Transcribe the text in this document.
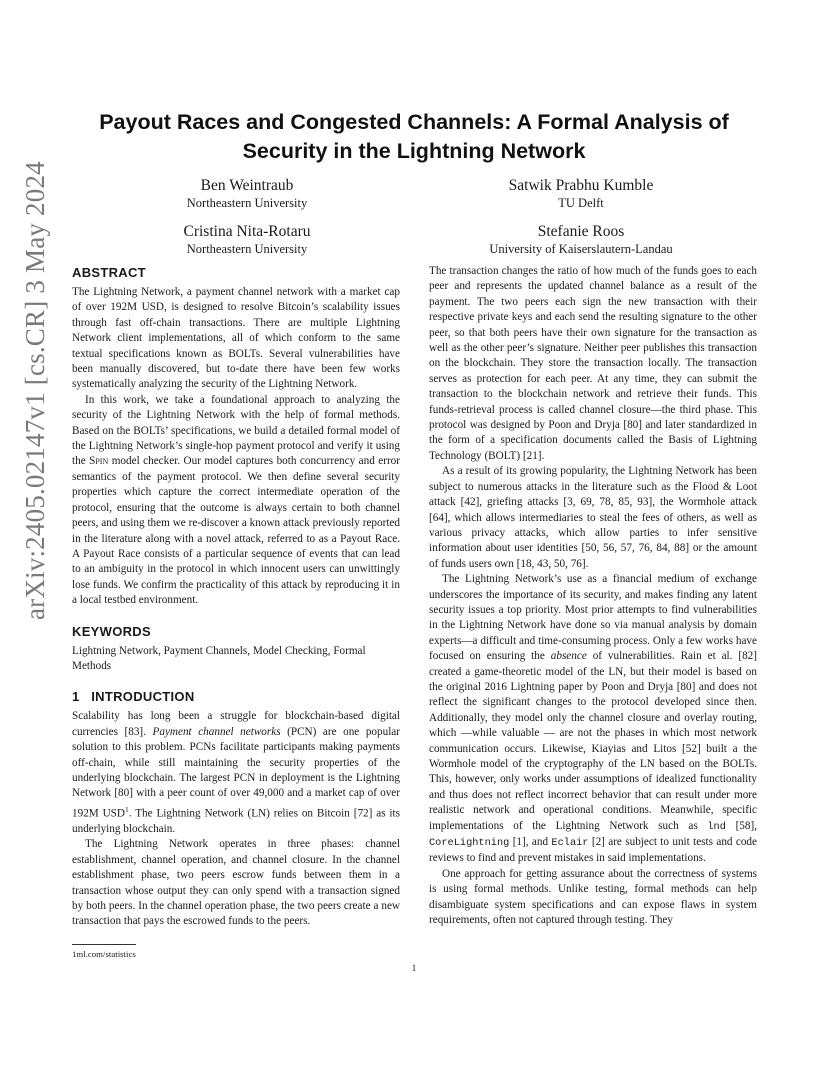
arXiv:2405.02147v1 [cs.CR] 3 May 2024
Payout Races and Congested Channels: A Formal Analysis of
Security in the Lightning Network
Ben Weintraub
Northeastern University
Satwik Prabhu Kumble
TU Delft
Cristina Nita-Rotaru
Northeastern University
Stefanie Roos
University of Kaiserslautern-Landau
ABSTRACT

The Lightning Network, a payment channel network with a market cap of over 192M USD, is designed to resolve Bitcoin’s scalability issues through fast off-chain transactions. There are multiple Lightning Network client implementations, all of which conform to the same textual specifications known as BOLTs. Several vulnerabilities have been manually discovered, but to-date there have been few works systematically analyzing the security of the Lightning Network.

In this work, we take a foundational approach to analyzing the security of the Lightning Network with the help of formal methods. Based on the BOLTs’ specifications, we build a detailed formal model of the Lightning Network’s single-hop payment protocol and verify it using the Spin model checker. Our model captures both concurrency and error semantics of the payment protocol. We then define several security properties which capture the correct intermediate operation of the protocol, ensuring that the outcome is always certain to both channel peers, and using them we re-discover a known attack previously reported in the literature along with a novel attack, referred to as a Payout Race. A Payout Race consists of a particular sequence of events that can lead to an ambiguity in the protocol in which innocent users can unwittingly lose funds. We confirm the practicality of this attack by reproducing it in a local testbed environment.

KEYWORDS

Lightning Network, Payment Channels, Model Checking, Formal Methods

1   INTRODUCTION

Scalability has long been a struggle for blockchain-based digital currencies [83]. Payment channel networks (PCN) are one popular solution to this problem. PCNs facilitate participants making payments off-chain, while still maintaining the security properties of the underlying blockchain. The largest PCN in deployment is the Lightning Network [80] with a peer count of over 49,000 and a market cap of over 192M USD$^1$. The Lightning Network (LN) relies on Bitcoin [72] as its underlying blockchain.

The Lightning Network operates in three phases: channel establishment, channel operation, and channel closure. In the channel establishment phase, two peers escrow funds between them in a transaction whose output they can only spend with a transaction signed by both peers. In the channel operation phase, the two peers create a new transaction that pays the escrowed funds to the peers.

The transaction changes the ratio of how much of the funds goes to each peer and represents the updated channel balance as a result of the payment. The two peers each sign the new transaction with their respective private keys and each send the resulting signature to the other peer, so that both peers have their own signature for the transaction as well as the other peer’s signature. Neither peer publishes this transaction on the blockchain. They store the transaction locally. The transaction serves as protection for each peer. At any time, they can submit the transaction to the blockchain network and retrieve their funds. This funds-retrieval process is called channel closure—the third phase. This protocol was designed by Poon and Dryja [80] and later standardized in the form of a specification documents called the Basis of Lightning Technology (BOLT) [21].

As a result of its growing popularity, the Lightning Network has been subject to numerous attacks in the literature such as the Flood & Loot attack [42], griefing attacks [3, 69, 78, 85, 93], the Wormhole attack [64], which allows intermediaries to steal the fees of others, as well as various privacy attacks, which allow parties to infer sensitive information about user identities [50, 56, 57, 76, 84, 88] or the amount of funds users own [18, 43, 50, 76].

The Lightning Network’s use as a financial medium of exchange underscores the importance of its security, and makes finding any latent security issues a top priority. Most prior attempts to find vulnerabilities in the Lightning Network have done so via manual analysis by domain experts—a difficult and time-consuming process. Only a few works have focused on ensuring the absence of vulnerabilities. Rain et al. [82] created a game-theoretic model of the LN, but their model is based on the original 2016 Lightning paper by Poon and Dryja [80] and does not reflect the significant changes to the protocol developed since then. Additionally, they model only the channel closure and overlay routing, which —while valuable — are not the phases in which most network communication occurs. Likewise, Kiayias and Litos [52] built a the Wormhole model of the cryptography of the LN based on the BOLTs. This, however, only works under assumptions of idealized functionality and thus does not reflect incorrect behavior that can result under more realistic network and operational conditions. Meanwhile, specific implementations of the Lightning Network such as lnd [58], CoreLightning [1], and Eclair [2] are subject to unit tests and code reviews to find and prevent mistakes in said implementations.

One approach for getting assurance about the correctness of systems is using formal methods. Unlike testing, formal methods can help disambiguate system specifications and can expose flaws in system requirements, often not captured through testing. They

1ml.com/statistics
1
